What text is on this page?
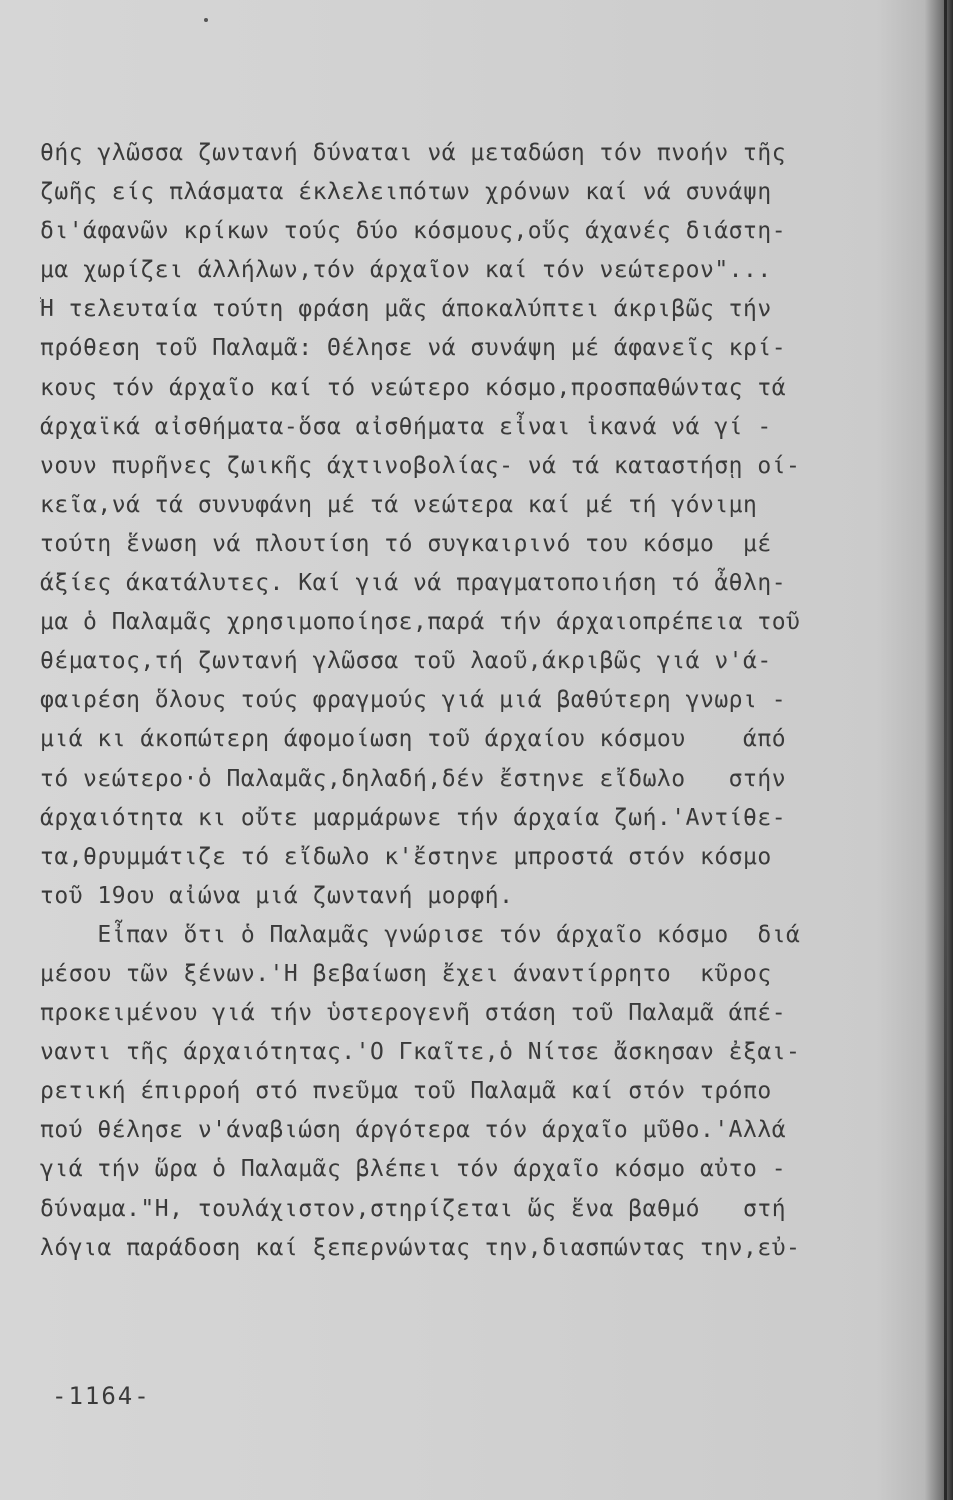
θής γλῶσσα ζωντανή δύναται νά μεταδώση τόν πνοήν τῆς
ζωῆς είς πλάσματα έκλελειπότων χρόνων καί νά συνάψη
δι'άφανῶν κρίκων τούς δύο κόσμους,οὕς άχανές διάστη-
μα χωρίζει άλλήλων,τόν άρχαῖον καί τόν νεώτερον"...
Ἡ τελευταία τούτη φράση μᾶς άποκαλύπτει άκριβῶς τήν
πρόθεση τοῦ Παλαμᾶ: Θέλησε νά συνάψη μέ άφανεῖς κρί-
κους τόν άρχαῖο καί τό νεώτερο κόσμο,προσπαθώντας τά
άρχαϊκά αἰσθήματα-ὅσα αἰσθήματα εἶναι ἱκανά νά γί -
νουν πυρῆνες ζωικῆς άχτινοβολίας- νά τά καταστήσῃ οί-
κεῖα,νά τά συνυφάνη μέ τά νεώτερα καί μέ τή γόνιμη
τούτη ἕνωση νά πλουτίση τό συγκαιρινό του κόσμο  μέ
άξίες άκατάλυτες. Καί γιά νά πραγματοποιήση τό ἆθλη-
μα ὁ Παλαμᾶς χρησιμοποίησε,παρά τήν άρχαιοπρέπεια τοῦ
θέματος,τή ζωντανή γλῶσσα τοῦ λαοῦ,άκριβῶς γιά ν'ά-
φαιρέση ὅλους τούς φραγμούς γιά μιά βαθύτερη γνωρι -
μιά κι άκοπώτερη άφομοίωση τοῦ άρχαίου κόσμου    άπό
τό νεώτερο·ὁ Παλαμᾶς,δηλαδή,δέν ἔστηνε εἴδωλο   στήν
άρχαιότητα κι οὔτε μαρμάρωνε τήν άρχαία ζωή.'Αντίθε-
τα,θρυμμάτιζε τό εἴδωλο κ'ἔστηνε μπροστά στόν κόσμο
τοῦ 19ου αἰώνα μιά ζωντανή μορφή.
Εἶπαν ὅτι ὁ Παλαμᾶς γνώρισε τόν άρχαῖο κόσμο  διά
μέσου τῶν ξένων.'Η βεβαίωση ἔχει άναντίρρητο  κῦρος
προκειμένου γιά τήν ὑστερογενῆ στάση τοῦ Παλαμᾶ άπέ-
ναντι τῆς άρχαιότητας.'Ο Γκαῖτε,ὁ Νίτσε ἄσκησαν ἐξαι-
ρετική έπιρροή στό πνεῦμα τοῦ Παλαμᾶ καί στόν τρόπο
πού θέλησε ν'άναβιώση άργότερα τόν άρχαῖο μῦθο.'Αλλά
γιά τήν ὥρα ὁ Παλαμᾶς βλέπει τόν άρχαῖο κόσμο αὐτο -
δύναμα."Η, τουλάχιστον,στηρίζεται ὥς ἕνα βαθμό   στή
λόγια παράδοση καί ξεπερνώντας την,διασπώντας την,εὐ-
-1164-
